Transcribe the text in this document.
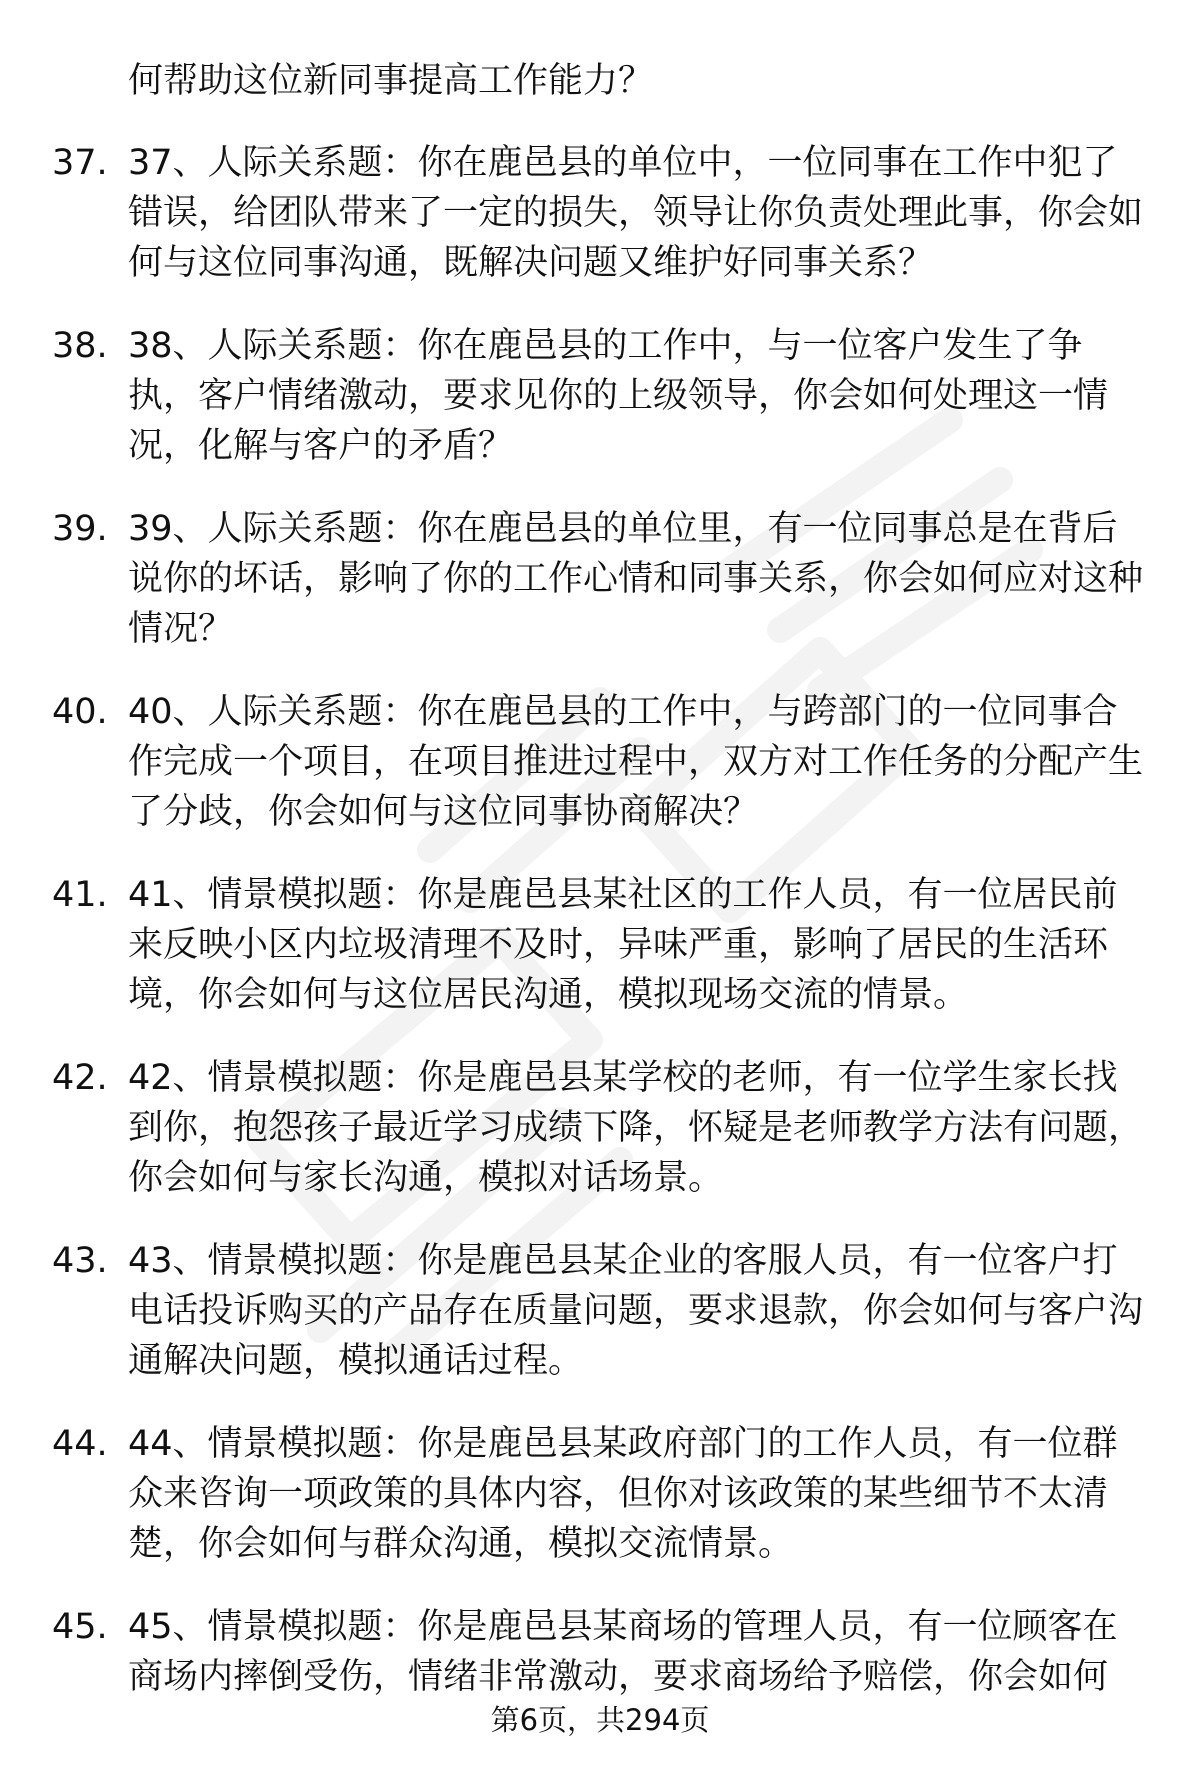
何帮助这位新同事提高工作能力？

37. 37、人际关系题：你在鹿邑县的单位中，一位同事在工作中犯了错误，给团队带来了一定的损失，领导让你负责处理此事，你会如何与这位同事沟通，既解决问题又维护好同事关系？

38. 38、人际关系题：你在鹿邑县的工作中，与一位客户发生了争执，客户情绪激动，要求见你的上级领导，你会如何处理这一情况，化解与客户的矛盾？

39. 39、人际关系题：你在鹿邑县的单位里，有一位同事总是在背后说你的坏话，影响了你的工作心情和同事关系，你会如何应对这种情况？

40. 40、人际关系题：你在鹿邑县的工作中，与跨部门的一位同事合作完成一个项目，在项目推进过程中，双方对工作任务的分配产生了分歧，你会如何与这位同事协商解决？

41. 41、情景模拟题：你是鹿邑县某社区的工作人员，有一位居民前来反映小区内垃圾清理不及时，异味严重，影响了居民的生活环境，你会如何与这位居民沟通，模拟现场交流的情景。

42. 42、情景模拟题：你是鹿邑县某学校的老师，有一位学生家长找到你，抱怨孩子最近学习成绩下降，怀疑是老师教学方法有问题，你会如何与家长沟通，模拟对话场景。

43. 43、情景模拟题：你是鹿邑县某企业的客服人员，有一位客户打电话投诉购买的产品存在质量问题，要求退款，你会如何与客户沟通解决问题，模拟通话过程。

44. 44、情景模拟题：你是鹿邑县某政府部门的工作人员，有一位群众来咨询一项政策的具体内容，但你对该政策的某些细节不太清楚，你会如何与群众沟通，模拟交流情景。

45. 45、情景模拟题：你是鹿邑县某商场的管理人员，有一位顾客在商场内摔倒受伤，情绪非常激动，要求商场给予赔偿，你会如何

第6页，共294页
